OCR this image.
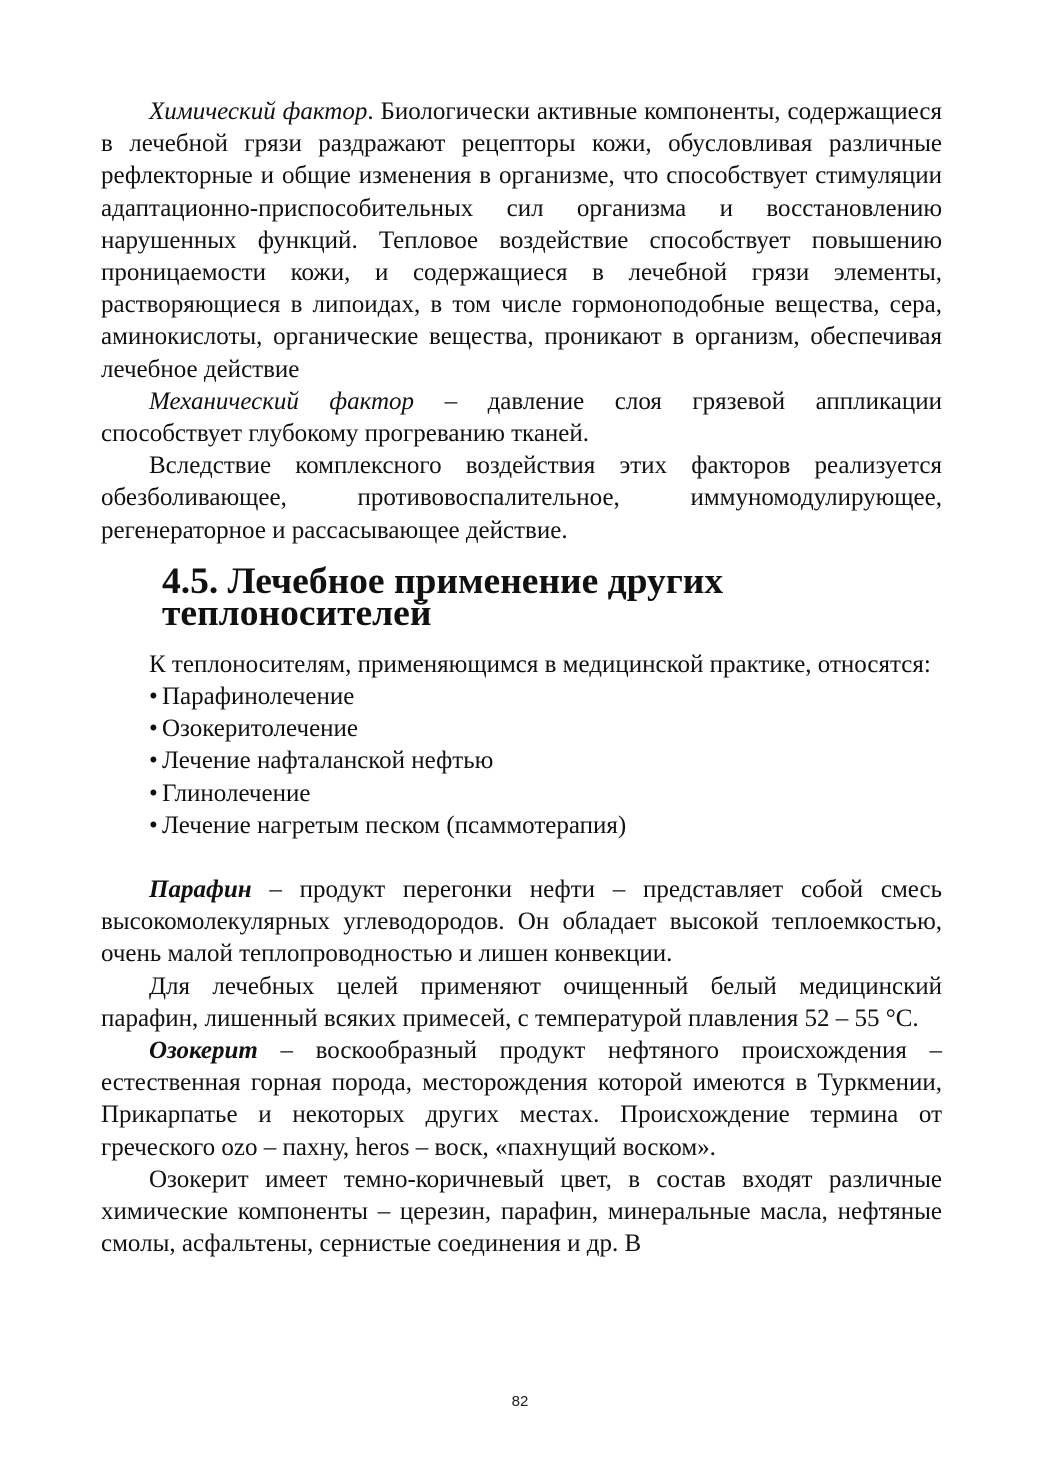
Химический фактор. Биологически активные компоненты, содержащиеся в лечебной грязи раздражают рецепторы кожи, обусловливая различные рефлекторные и общие изменения в организме, что способствует стимуляции адаптационно-приспособительных сил организма и восстановлению нарушенных функций. Тепловое воздействие способствует повышению проницаемости кожи, и содержащиеся в лечебной грязи элементы, растворяющиеся в липоидах, в том числе гормоноподобные вещества, сера, аминокислоты, органические вещества, проникают в организм, обеспечивая лечебное действие

Механический фактор – давление слоя грязевой аппликации способствует глубокому прогреванию тканей.

Вследствие комплексного воздействия этих факторов реализуется обезболивающее, противовоспалительное, иммуномодулирующее, регенераторное и рассасывающее действие.

4.5. Лечебное применение других теплоносителей

К теплоносителям, применяющимся в медицинской практике, относятся:

• Парафинолечение
• Озокеритолечение
• Лечение нафталанской нефтью
• Глинолечение
• Лечение нагретым песком (псаммотерапия)

Парафин – продукт перегонки нефти – представляет собой смесь высокомолекулярных углеводородов. Он обладает высокой теплоемкостью, очень малой теплопроводностью и лишен конвекции.

Для лечебных целей применяют очищенный белый медицинский парафин, лишенный всяких примесей, с температурой плавления 52 – 55 °С.

Озокерит – воскообразный продукт нефтяного происхождения – естественная горная порода, месторождения которой имеются в Туркмении, Прикарпатье и некоторых других местах. Происхождение термина от греческого ozo – пахну, heros – воск, «пахнущий воском».

Озокерит имеет темно-коричневый цвет, в состав входят различные химические компоненты – церезин, парафин, минеральные масла, нефтяные смолы, асфальтены, сернистые соединения и др. В

82
